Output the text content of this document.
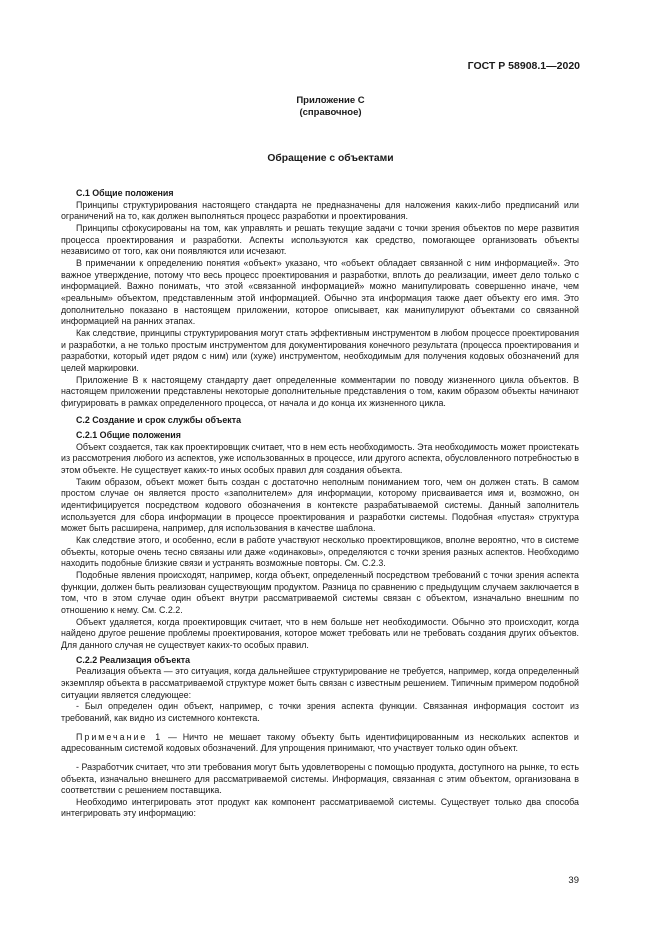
ГОСТ Р 58908.1—2020
Приложение С
(справочное)
Обращение с объектами
С.1 Общие положения

Принципы структурирования настоящего стандарта не предназначены для наложения каких-либо предписаний или ограничений на то, как должен выполняться процесс разработки и проектирования.

Принципы сфокусированы на том, как управлять и решать текущие задачи с точки зрения объектов по мере развития процесса проектирования и разработки. Аспекты используются как средство, помогающее организовать объекты независимо от того, как они появляются или исчезают.

В примечании к определению понятия «объект» указано, что «объект обладает связанной с ним информацией». Это важное утверждение, потому что весь процесс проектирования и разработки, вплоть до реализации, имеет дело только с информацией. Важно понимать, что этой «связанной информацией» можно манипулировать совершенно иначе, чем «реальным» объектом, представленным этой информацией. Обычно эта информация также дает объекту его имя. Это дополнительно показано в настоящем приложении, которое описывает, как манипулируют объектами со связанной информацией на ранних этапах.

Как следствие, принципы структурирования могут стать эффективным инструментом в любом процессе проектирования и разработки, а не только простым инструментом для документирования конечного результата (процесса проектирования и разработки, который идет рядом с ним) или (хуже) инструментом, необходимым для получения кодовых обозначений для целей маркировки.

Приложение В к настоящему стандарту дает определенные комментарии по поводу жизненного цикла объектов. В настоящем приложении представлены некоторые дополнительные представления о том, каким образом объекты начинают фигурировать в рамках определенного процесса, от начала и до конца их жизненного цикла.

С.2 Создание и срок службы объекта
С.2.1 Общие положения

Объект создается, так как проектировщик считает, что в нем есть необходимость. Эта необходимость может проистекать из рассмотрения любого из аспектов, уже использованных в процессе, или другого аспекта, обусловленного потребностью в этом объекте. Не существует каких-то иных особых правил для создания объекта.

Таким образом, объект может быть создан с достаточно неполным пониманием того, чем он должен стать. В самом простом случае он является просто «заполнителем» для информации, которому присваивается имя и, возможно, он идентифицируется посредством кодового обозначения в контексте разрабатываемой системы. Данный заполнитель используется для сбора информации в процессе проектирования и разработки системы. Подобная «пустая» структура может быть расширена, например, для использования в качестве шаблона.

Как следствие этого, и особенно, если в работе участвуют несколько проектировщиков, вполне вероятно, что в системе объекты, которые очень тесно связаны или даже «одинаковы», определяются с точки зрения разных аспектов. Необходимо находить подобные близкие связи и устранять возможные повторы. См. С.2.3.

Подобные явления происходят, например, когда объект, определенный посредством требований с точки зрения аспекта функции, должен быть реализован существующим продуктом. Разница по сравнению с предыдущим случаем заключается в том, что в этом случае один объект внутри рассматриваемой системы связан с объектом, изначально внешним по отношению к нему. См. С.2.2.

Объект удаляется, когда проектировщик считает, что в нем больше нет необходимости. Обычно это происходит, когда найдено другое решение проблемы проектирования, которое может требовать или не требовать создания других объектов. Для данного случая не существует каких-то особых правил.

С.2.2 Реализация объекта

Реализация объекта — это ситуация, когда дальнейшее структурирование не требуется, например, когда определенный экземпляр объекта в рассматриваемой структуре может быть связан с известным решением. Типичным примером подобной ситуации является следующее:

- Был определен один объект, например, с точки зрения аспекта функции. Связанная информация состоит из требований, как видно из системного контекста.

Примечание 1 — Ничто не мешает такому объекту быть идентифицированным из нескольких аспектов и адресованным системой кодовых обозначений. Для упрощения принимают, что участвует только один объект.

- Разработчик считает, что эти требования могут быть удовлетворены с помощью продукта, доступного на рынке, то есть объекта, изначально внешнего для рассматриваемой системы. Информация, связанная с этим объектом, организована в соответствии с решением поставщика.

Необходимо интегрировать этот продукт как компонент рассматриваемой системы. Существует только два способа интегрировать эту информацию:

39
